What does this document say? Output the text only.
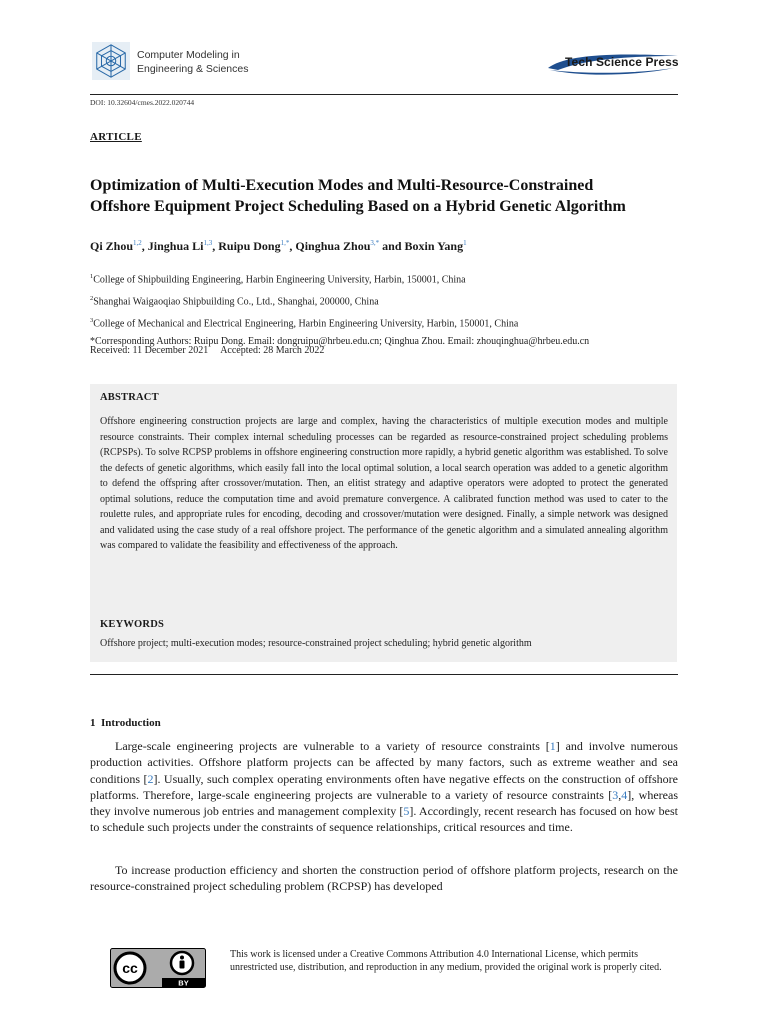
Computer Modeling in
Engineering & Sciences	Tech Science Press
DOI: 10.32604/cmes.2022.020744
ARTICLE
Optimization of Multi-Execution Modes and Multi-Resource-Constrained
Offshore Equipment Project Scheduling Based on a Hybrid Genetic Algorithm
Qi Zhou$^{1,2}$, Jinghua Li$^{1,3}$, Ruipu Dong$^{1,*}$, Qinghua Zhou$^{3,*}$ and Boxin Yang$^1$
$^1$College of Shipbuilding Engineering, Harbin Engineering University, Harbin, 150001, China
$^2$Shanghai Waigaoqiao Shipbuilding Co., Ltd., Shanghai, 200000, China
$^3$College of Mechanical and Electrical Engineering, Harbin Engineering University, Harbin, 150001, China
*Corresponding Authors: Ruipu Dong. Email: dongruipu@hrbeu.edu.cn; Qinghua Zhou. Email: zhouqinghua@hrbeu.edu.cn
Received: 11 December 2021 Accepted: 28 March 2022
ABSTRACT
Offshore engineering construction projects are large and complex, having the characteristics of multiple execution modes and multiple resource constraints. Their complex internal scheduling processes can be regarded as resource-constrained project scheduling problems (RCPSPs). To solve RCPSP problems in offshore engineering construction more rapidly, a hybrid genetic algorithm was established. To solve the defects of genetic algorithms, which easily fall into the local optimal solution, a local search operation was added to a genetic algorithm to defend the offspring after crossover/mutation. Then, an elitist strategy and adaptive operators were adopted to protect the generated optimal solutions, reduce the computation time and avoid premature convergence. A calibrated function method was used to cater to the roulette rules, and appropriate rules for encoding, decoding and crossover/mutation were designed. Finally, a simple network was designed and validated using the case study of a real offshore project. The performance of the genetic algorithm and a simulated annealing algorithm was compared to validate the feasibility and effectiveness of the approach.
KEYWORDS
Offshore project; multi-execution modes; resource-constrained project scheduling; hybrid genetic algorithm
1 Introduction
Large-scale engineering projects are vulnerable to a variety of resource constraints [1] and involve numerous production activities. Offshore platform projects can be affected by many factors, such as extreme weather and sea conditions [2]. Usually, such complex operating environments often have negative effects on the construction of offshore platforms. Therefore, large-scale engineering projects are vulnerable to a variety of resource constraints [3,4], whereas they involve numerous job entries and management complexity [5]. Accordingly, recent research has focused on how best to schedule such projects under the constraints of sequence relationships, critical resources and time.
To increase production efficiency and shorten the construction period of offshore platform projects, research on the resource-constrained project scheduling problem (RCPSP) has developed
cc
BY
This work is licensed under a Creative Commons Attribution 4.0 International License, which permits unrestricted use, distribution, and reproduction in any medium, provided the original work is properly cited.
